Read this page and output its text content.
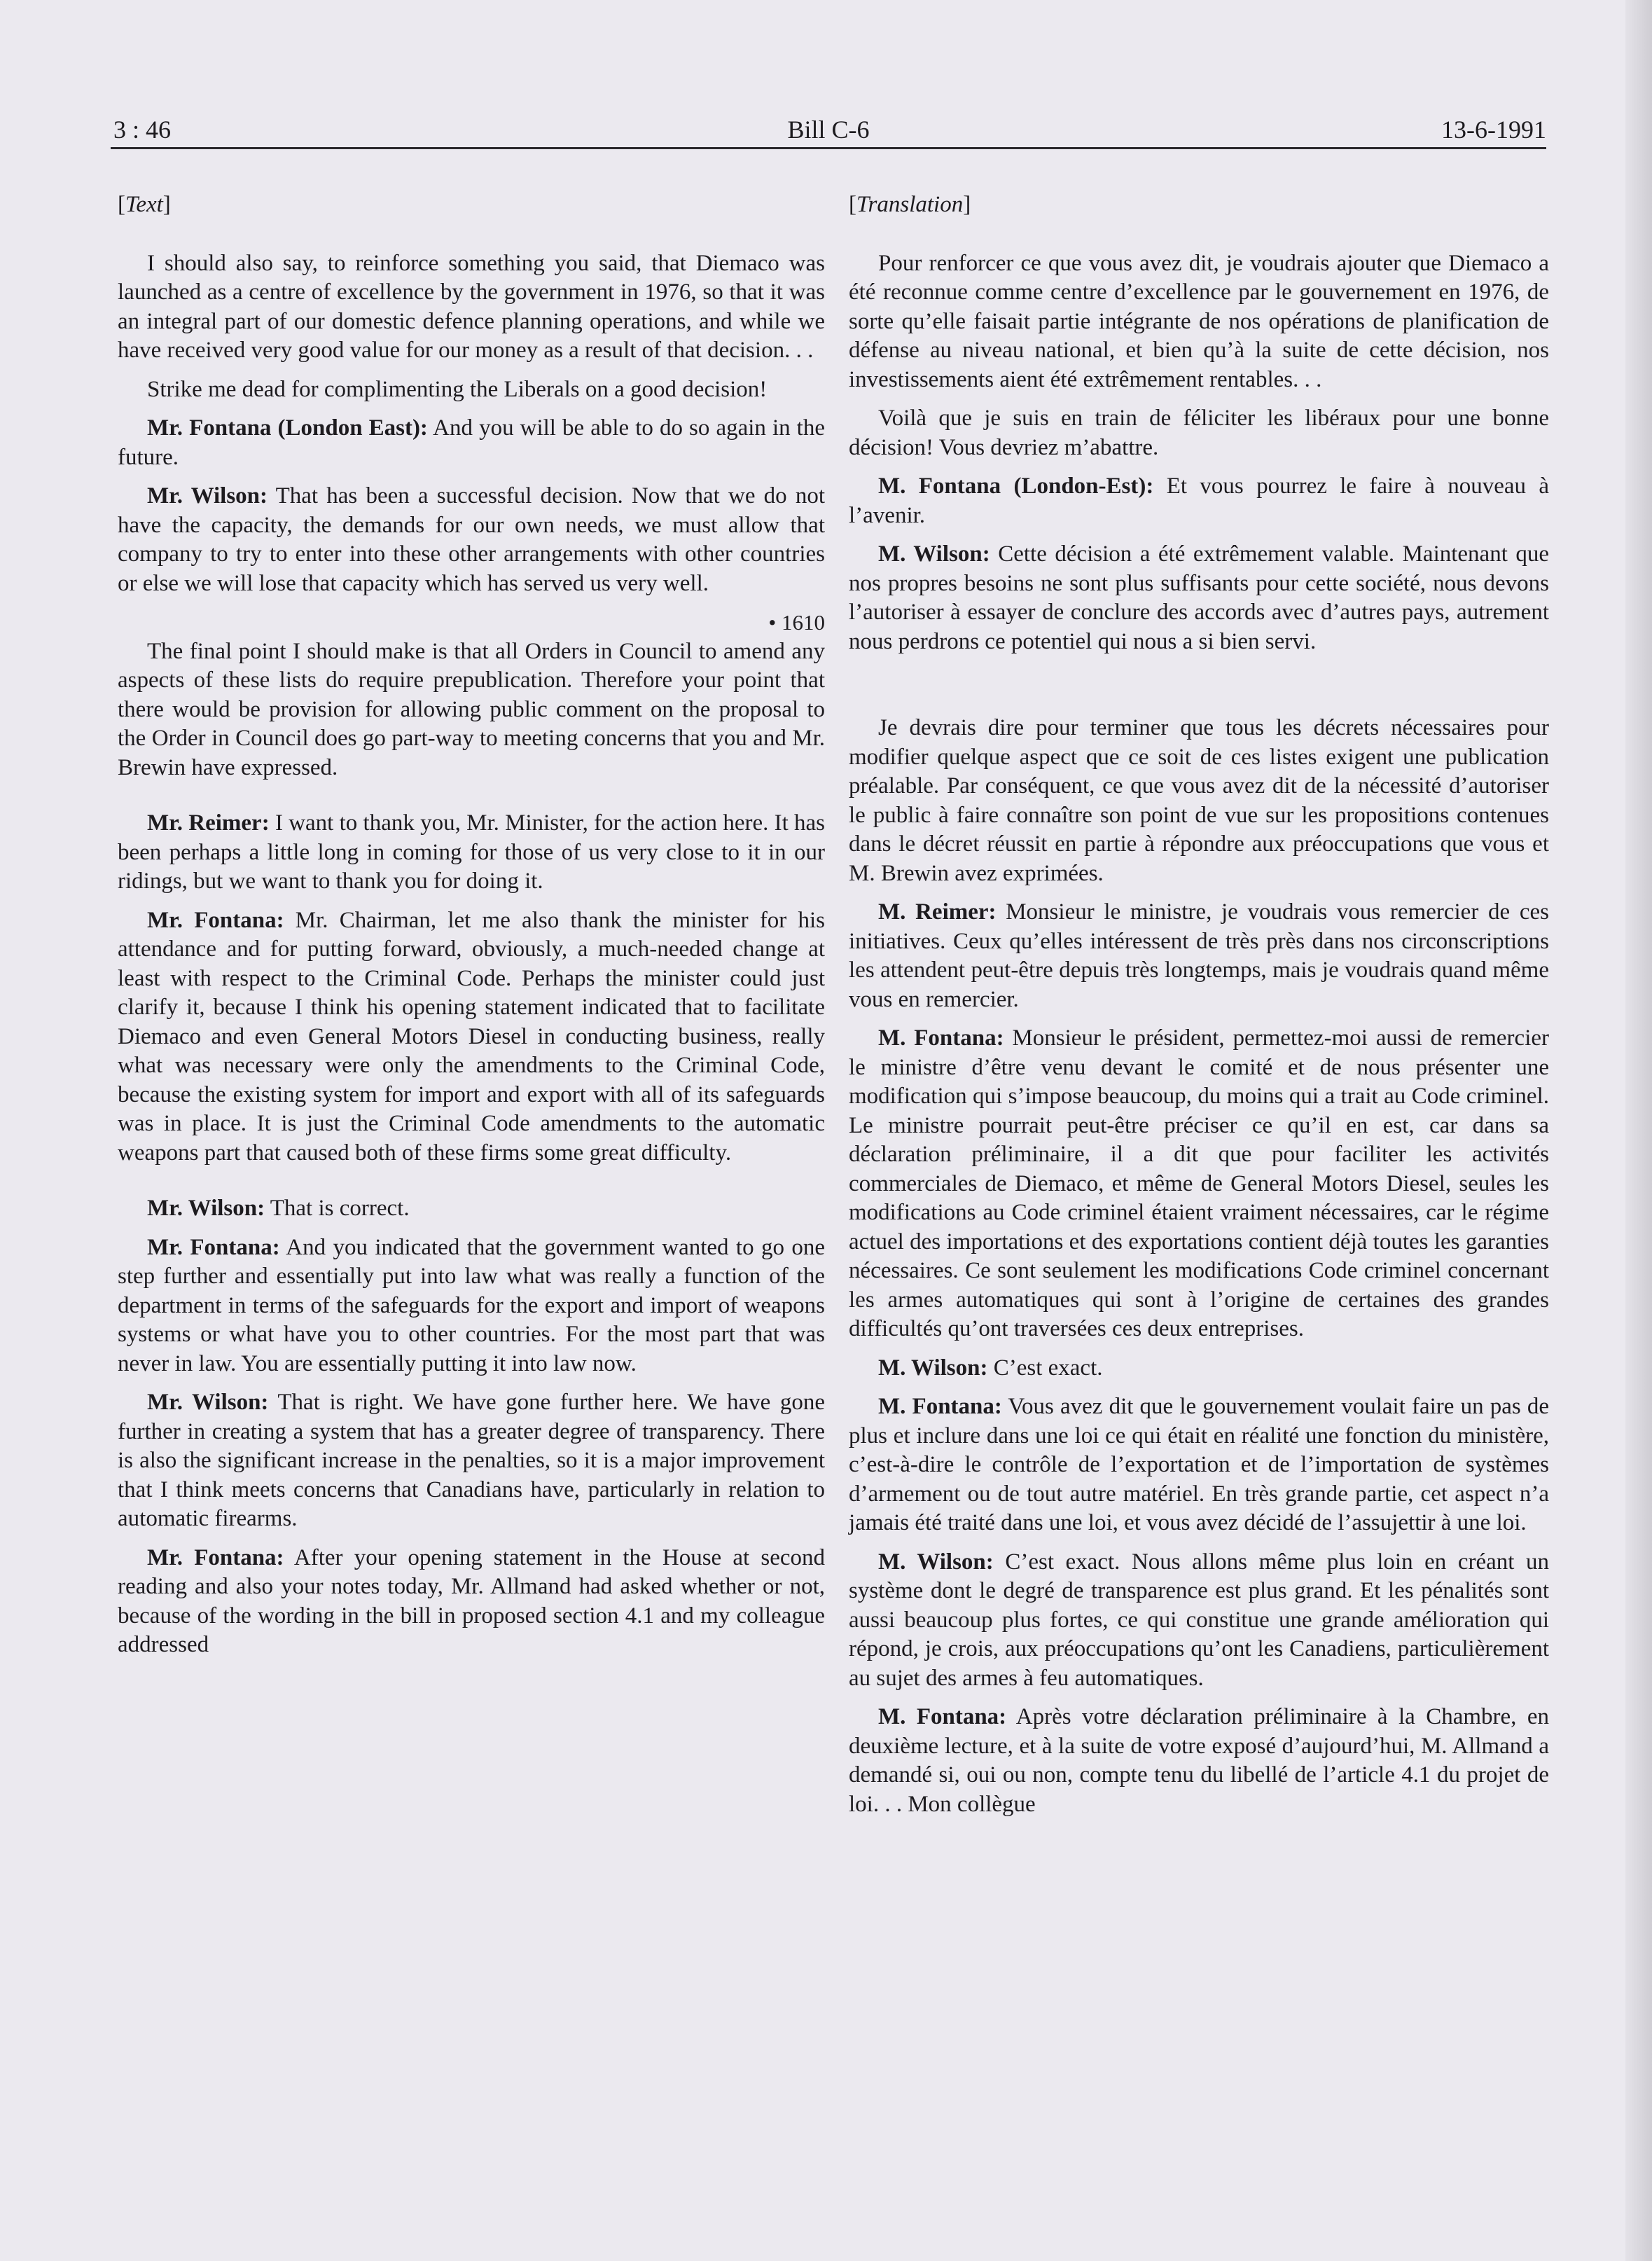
3 : 46	Bill C-6	13-6-1991
[Text]

I should also say, to reinforce something you said, that Diemaco was launched as a centre of excellence by the government in 1976, so that it was an integral part of our domestic defence planning operations, and while we have received very good value for our money as a result of that decision. . .

Strike me dead for complimenting the Liberals on a good decision!

Mr. Fontana (London East): And you will be able to do so again in the future.

Mr. Wilson: That has been a successful decision. Now that we do not have the capacity, the demands for our own needs, we must allow that company to try to enter into these other arrangements with other countries or else we will lose that capacity which has served us very well.

• 1610

The final point I should make is that all Orders in Council to amend any aspects of these lists do require prepublication. Therefore your point that there would be provision for allowing public comment on the proposal to the Order in Council does go part-way to meeting concerns that you and Mr. Brewin have expressed.

Mr. Reimer: I want to thank you, Mr. Minister, for the action here. It has been perhaps a little long in coming for those of us very close to it in our ridings, but we want to thank you for doing it.

Mr. Fontana: Mr. Chairman, let me also thank the minister for his attendance and for putting forward, obviously, a much-needed change at least with respect to the Criminal Code. Perhaps the minister could just clarify it, because I think his opening statement indicated that to facilitate Diemaco and even General Motors Diesel in conducting business, really what was necessary were only the amendments to the Criminal Code, because the existing system for import and export with all of its safeguards was in place. It is just the Criminal Code amendments to the automatic weapons part that caused both of these firms some great difficulty.

Mr. Wilson: That is correct.

Mr. Fontana: And you indicated that the government wanted to go one step further and essentially put into law what was really a function of the department in terms of the safeguards for the export and import of weapons systems or what have you to other countries. For the most part that was never in law. You are essentially putting it into law now.

Mr. Wilson: That is right. We have gone further here. We have gone further in creating a system that has a greater degree of transparency. There is also the significant increase in the penalties, so it is a major improvement that I think meets concerns that Canadians have, particularly in relation to automatic firearms.

Mr. Fontana: After your opening statement in the House at second reading and also your notes today, Mr. Allmand had asked whether or not, because of the wording in the bill in proposed section 4.1 and my colleague addressed

[Translation]

Pour renforcer ce que vous avez dit, je voudrais ajouter que Diemaco a été reconnue comme centre d’excellence par le gouvernement en 1976, de sorte qu’elle faisait partie intégrante de nos opérations de planification de défense au niveau national, et bien qu’à la suite de cette décision, nos investissements aient été extrêmement rentables. . .

Voilà que je suis en train de féliciter les libéraux pour une bonne décision! Vous devriez m’abattre.

M. Fontana (London-Est): Et vous pourrez le faire à nouveau à l’avenir.

M. Wilson: Cette décision a été extrêmement valable. Maintenant que nos propres besoins ne sont plus suffisants pour cette société, nous devons l’autoriser à essayer de conclure des accords avec d’autres pays, autrement nous perdrons ce potentiel qui nous a si bien servi.

Je devrais dire pour terminer que tous les décrets nécessaires pour modifier quelque aspect que ce soit de ces listes exigent une publication préalable. Par conséquent, ce que vous avez dit de la nécessité d’autoriser le public à faire connaître son point de vue sur les propositions contenues dans le décret réussit en partie à répondre aux préoccupations que vous et M. Brewin avez exprimées.

M. Reimer: Monsieur le ministre, je voudrais vous remercier de ces initiatives. Ceux qu’elles intéressent de très près dans nos circonscriptions les attendent peut-être depuis très longtemps, mais je voudrais quand même vous en remercier.

M. Fontana: Monsieur le président, permettez-moi aussi de remercier le ministre d’être venu devant le comité et de nous présenter une modification qui s’impose beaucoup, du moins qui a trait au Code criminel. Le ministre pourrait peut-être préciser ce qu’il en est, car dans sa déclaration préliminaire, il a dit que pour faciliter les activités commerciales de Diemaco, et même de General Motors Diesel, seules les modifications au Code criminel étaient vraiment nécessaires, car le régime actuel des importations et des exportations contient déjà toutes les garanties nécessaires. Ce sont seulement les modifications Code criminel concernant les armes automatiques qui sont à l’origine de certaines des grandes difficultés qu’ont traversées ces deux entreprises.

M. Wilson: C’est exact.

M. Fontana: Vous avez dit que le gouvernement voulait faire un pas de plus et inclure dans une loi ce qui était en réalité une fonction du ministère, c’est-à-dire le contrôle de l’exportation et de l’importation de systèmes d’armement ou de tout autre matériel. En très grande partie, cet aspect n’a jamais été traité dans une loi, et vous avez décidé de l’assujettir à une loi.

M. Wilson: C’est exact. Nous allons même plus loin en créant un système dont le degré de transparence est plus grand. Et les pénalités sont aussi beaucoup plus fortes, ce qui constitue une grande amélioration qui répond, je crois, aux préoccupations qu’ont les Canadiens, particulièrement au sujet des armes à feu automatiques.

M. Fontana: Après votre déclaration préliminaire à la Chambre, en deuxième lecture, et à la suite de votre exposé d’aujourd’hui, M. Allmand a demandé si, oui ou non, compte tenu du libellé de l’article 4.1 du projet de loi. . . Mon collègue
